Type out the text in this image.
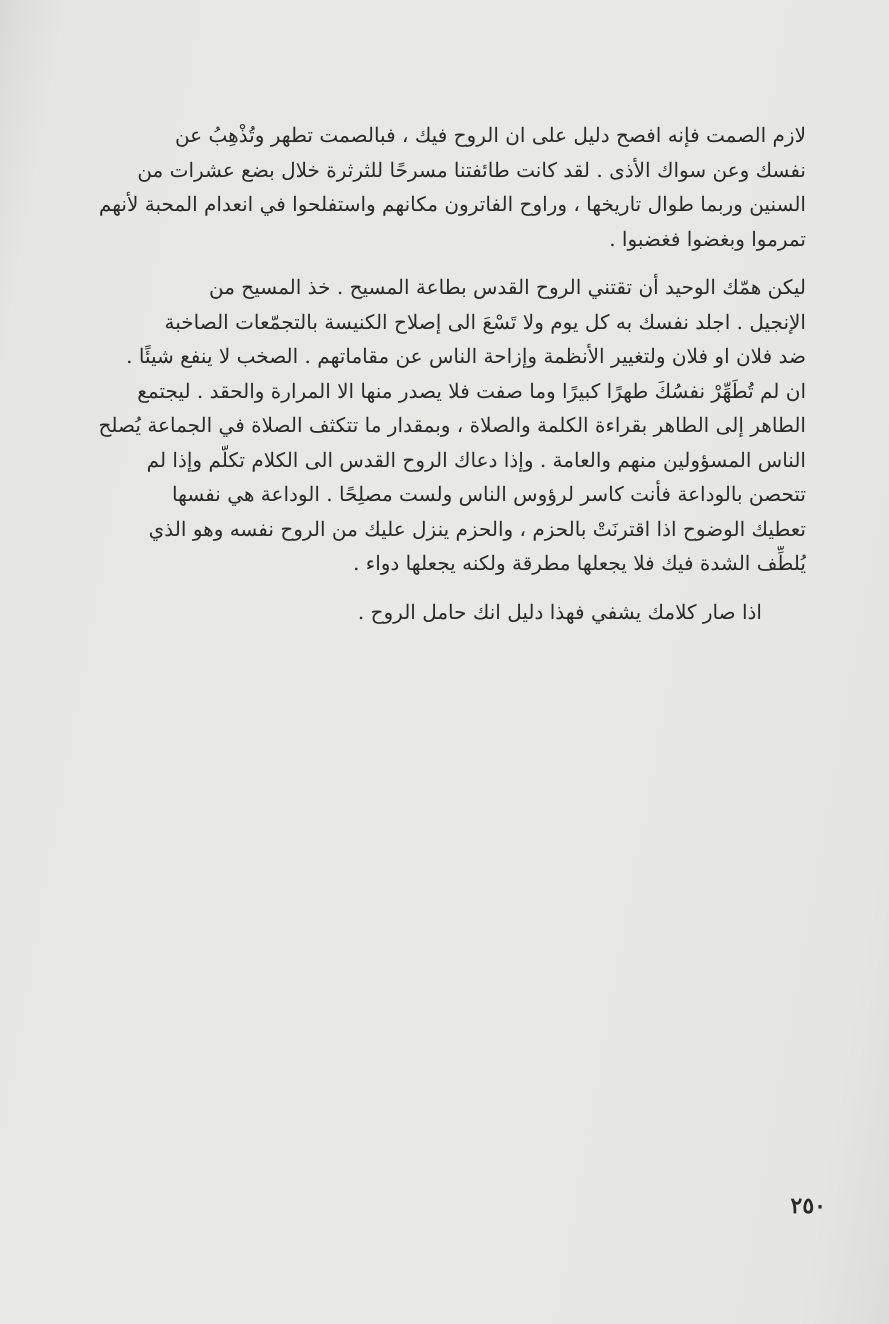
لازم الصمت فإنه افصح دليل على ان الروح فيك ، فبالصمت تطهر وتُذْهِبُ عن
نفسك وعن سواك الأذى . لقد كانت طائفتنا مسرحًا للثرثرة خلال بضع عشرات من
السنين وربما طوال تاريخها ، وراوح الفاترون مكانهم واستفلحوا في انعدام المحبة لأنهم
تمرموا وبغضوا فغضبوا .
ليكن همّك الوحيد أن تقتني الروح القدس بطاعة المسيح . خذ المسيح من
الإنجيل . اجلد نفسك به كل يوم ولا تَسْعَ الى إصلاح الكنيسة بالتجمّعات الصاخبة
ضد فلان او فلان ولتغيير الأنظمة وإزاحة الناس عن مقاماتهم . الصخب لا ينفع شيئًا .
ان لم تُطَهِّرْ نفسُكَ طهرًا كبيرًا وما صفت فلا يصدر منها الا المرارة والحقد . ليجتمع
الطاهر إلى الطاهر بقراءة الكلمة والصلاة ، وبمقدار ما تتكثف الصلاة في الجماعة يُصلح
الناس المسؤولين منهم والعامة . وإذا دعاك الروح القدس الى الكلام تكلّم وإذا لم
تتحصن بالوداعة فأنت كاسر لرؤوس الناس ولست مصلِحًا . الوداعة هي نفسها
تعطيك الوضوح اذا اقترنَتْ بالحزم ، والحزم ينزل عليك من الروح نفسه وهو الذي
يُلطِّف الشدة فيك فلا يجعلها مطرقة ولكنه يجعلها دواء .
اذا صار كلامك يشفي فهذا دليل انك حامل الروح .
٢٥٠
